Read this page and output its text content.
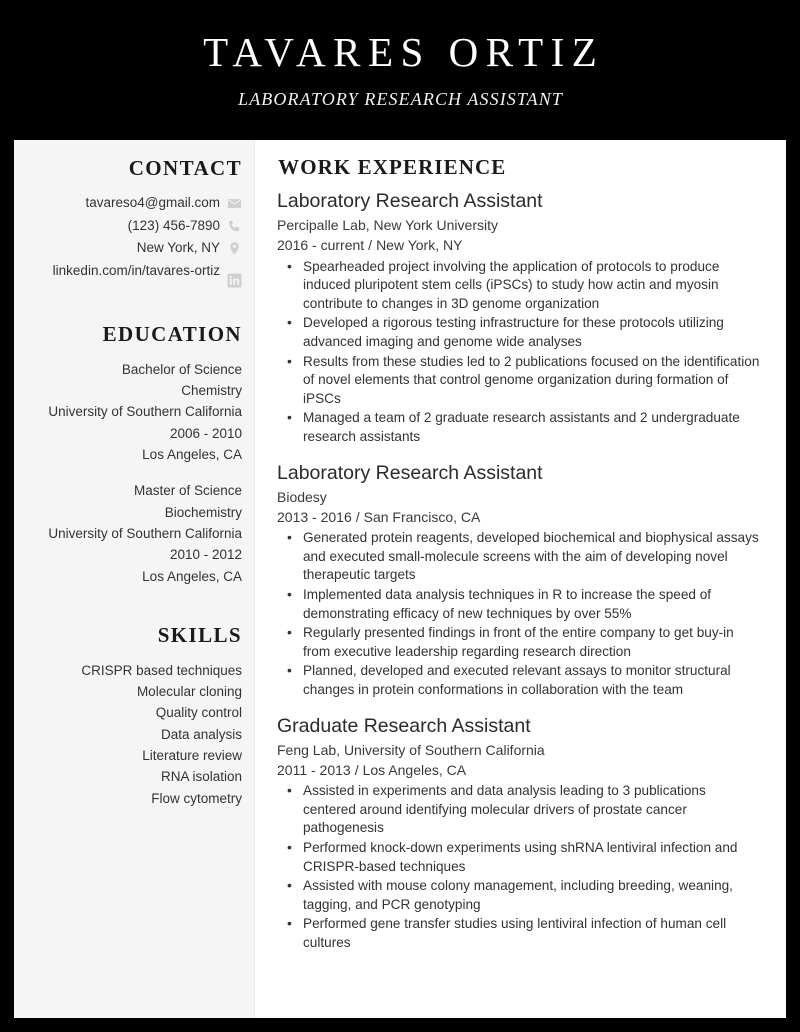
TAVARES ORTIZ
LABORATORY RESEARCH ASSISTANT
CONTACT
tavareso4@gmail.com
(123) 456-7890
New York, NY
linkedin.com/in/tavares-ortiz
EDUCATION
Bachelor of Science
Chemistry
University of Southern California
2006 - 2010
Los Angeles, CA
Master of Science
Biochemistry
University of Southern California
2010 - 2012
Los Angeles, CA
SKILLS
CRISPR based techniques
Molecular cloning
Quality control
Data analysis
Literature review
RNA isolation
Flow cytometry
WORK EXPERIENCE
Laboratory Research Assistant
Percipalle Lab, New York University
2016 - current / New York, NY
• Spearheaded project involving the application of protocols to produce induced pluripotent stem cells (iPSCs) to study how actin and myosin contribute to changes in 3D genome organization
• Developed a rigorous testing infrastructure for these protocols utilizing advanced imaging and genome wide analyses
• Results from these studies led to 2 publications focused on the identification of novel elements that control genome organization during formation of iPSCs
• Managed a team of 2 graduate research assistants and 2 undergraduate research assistants
Laboratory Research Assistant
Biodesy
2013 - 2016 / San Francisco, CA
• Generated protein reagents, developed biochemical and biophysical assays and executed small-molecule screens with the aim of developing novel therapeutic targets
• Implemented data analysis techniques in R to increase the speed of demonstrating efficacy of new techniques by over 55%
• Regularly presented findings in front of the entire company to get buy-in from executive leadership regarding research direction
• Planned, developed and executed relevant assays to monitor structural changes in protein conformations in collaboration with the team
Graduate Research Assistant
Feng Lab, University of Southern California
2011 - 2013 / Los Angeles, CA
• Assisted in experiments and data analysis leading to 3 publications centered around identifying molecular drivers of prostate cancer pathogenesis
• Performed knock-down experiments using shRNA lentiviral infection and CRISPR-based techniques
• Assisted with mouse colony management, including breeding, weaning, tagging, and PCR genotyping
• Performed gene transfer studies using lentiviral infection of human cell cultures
